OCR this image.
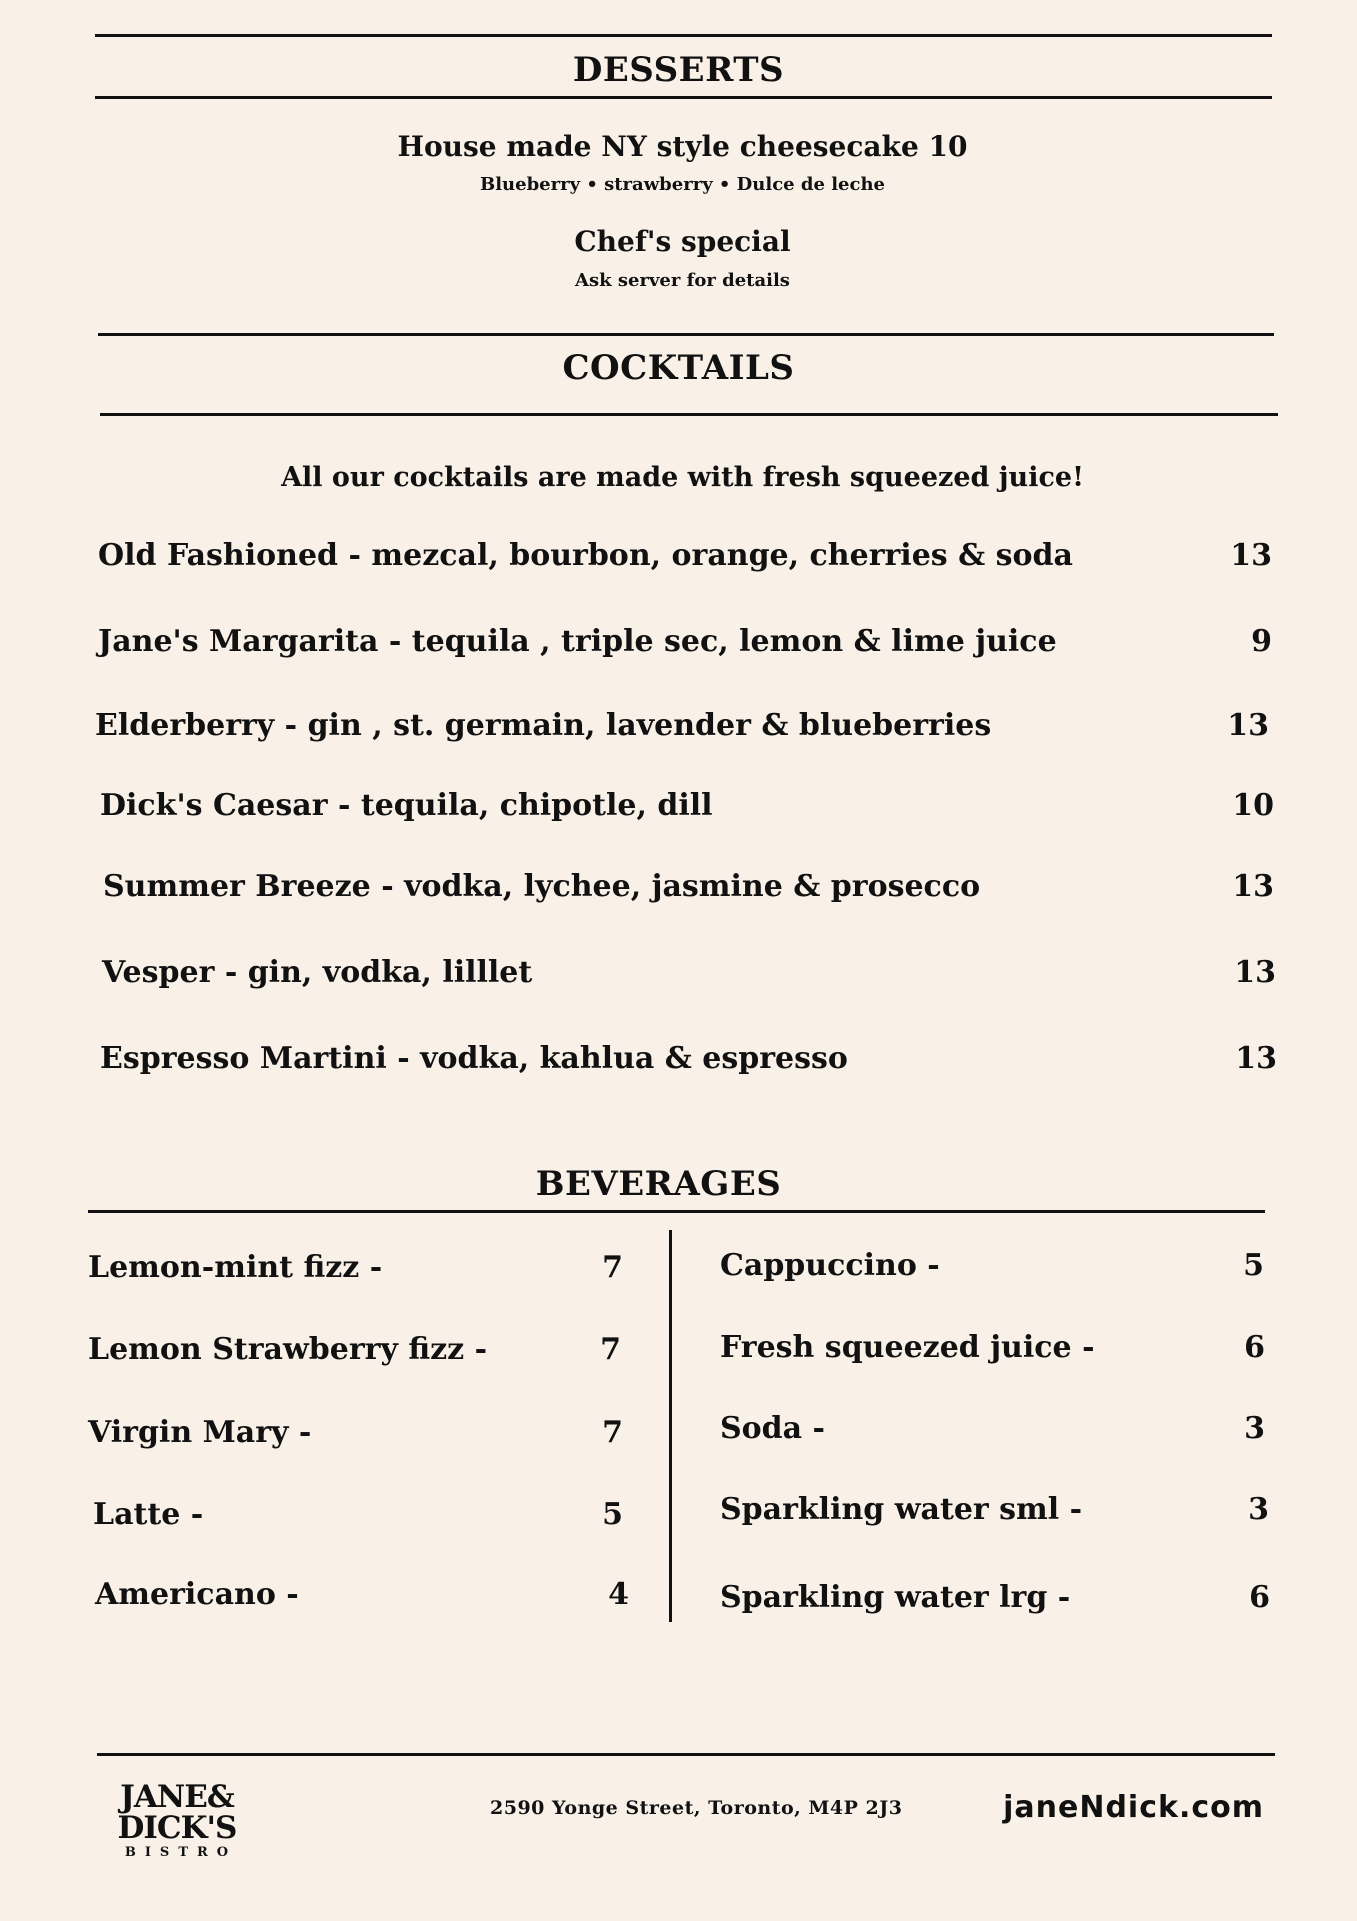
DESSERTS
House made NY style cheesecake 10
Blueberry • strawberry • Dulce de leche
Chef's special
Ask server for details
COCKTAILS
All our cocktails are made with fresh squeezed juice!
Old Fashioned - mezcal, bourbon, orange, cherries & soda	13
Jane's Margarita - tequila , triple sec, lemon & lime juice	9
Elderberry - gin , st. germain, lavender & blueberries	13
Dick's Caesar - tequila, chipotle, dill	10
Summer Breeze - vodka, lychee, jasmine & prosecco	13
Vesper - gin, vodka, lilllet	13
Espresso Martini - vodka, kahlua & espresso	13
BEVERAGES
Lemon-mint fizz -	7
Lemon Strawberry fizz -	7
Virgin Mary -	7
Latte -	5
Americano -	4
Cappuccino -	5
Fresh squeezed juice -	6
Soda -	3
Sparkling water sml -	3
Sparkling water lrg -	6
JANE&
DICK'S
BISTRO
2590 Yonge Street, Toronto, M4P 2J3	janeNdick.com
